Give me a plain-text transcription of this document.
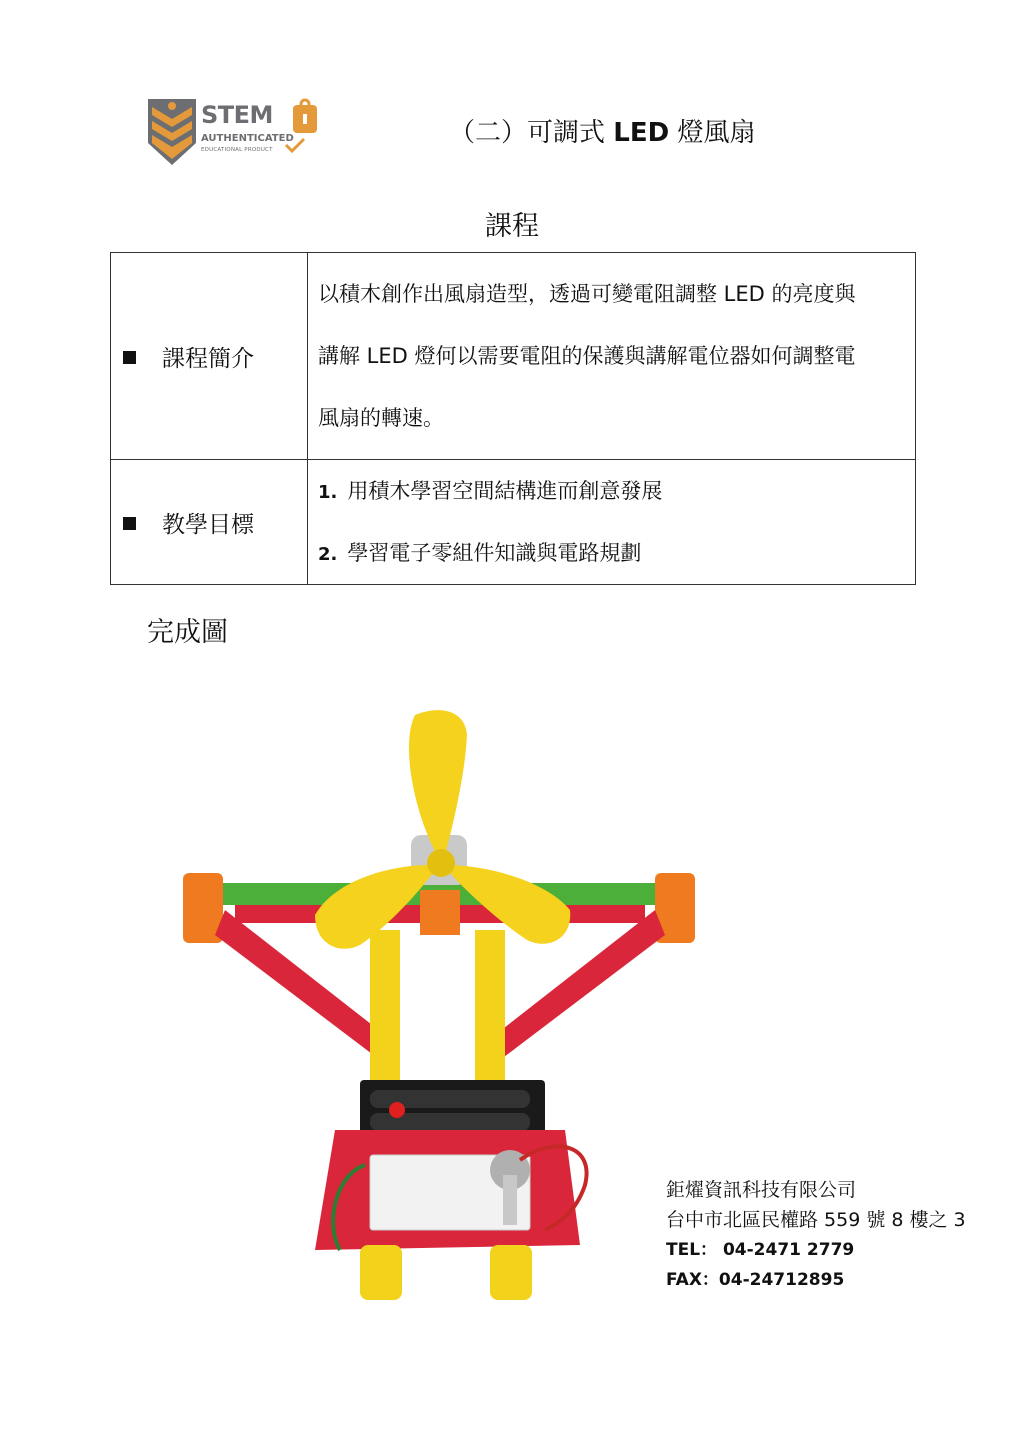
STEM
AUTHENTICATED
EDUCATIONAL PRODUCT
（二）可調式 LED 燈風扇
課程
課程簡介	以積木創作出風扇造型，透過可變電阻調整 LED 的亮度與
講解 LED 燈何以需要電阻的保護與講解電位器如何調整電
風扇的轉速。

教學目標	1. 用積木學習空間結構進而創意發展
2. 學習電子零組件知識與電路規劃
完成圖
鉅燿資訊科技有限公司
台中市北區民權路 559 號 8 樓之 3
TEL： 04-2471 2779
FAX：04-24712895
